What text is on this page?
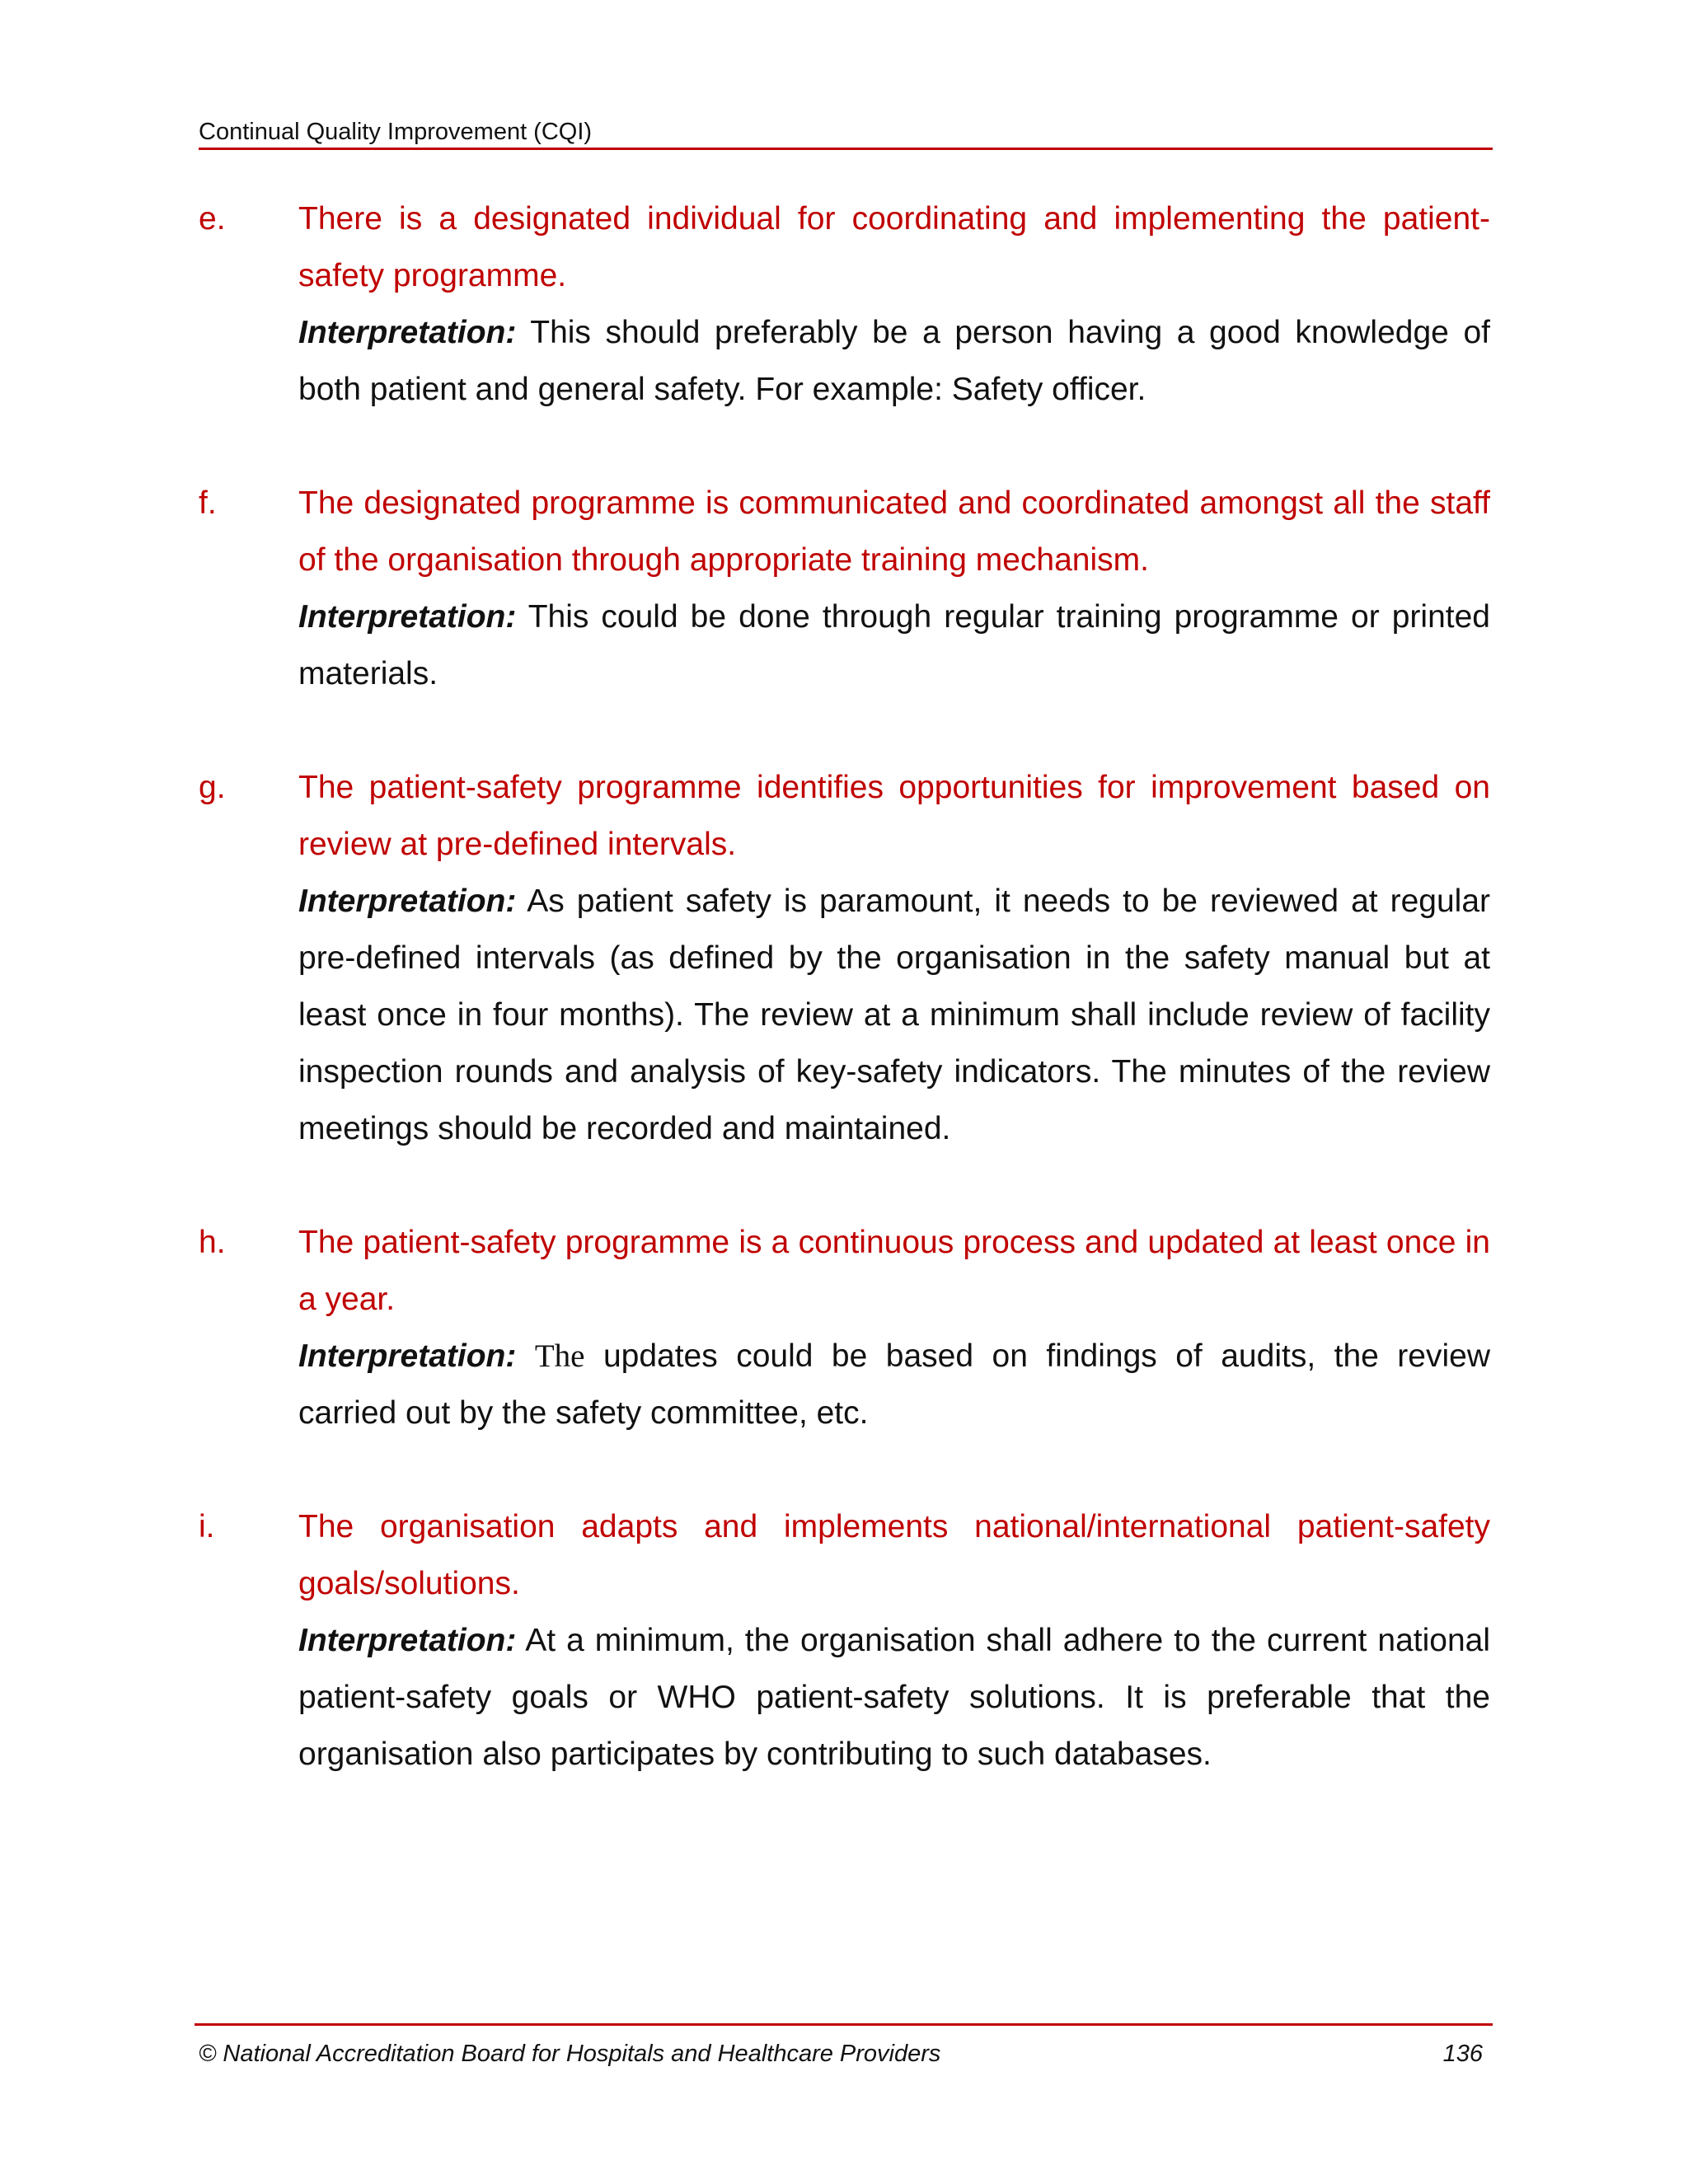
Continual Quality Improvement (CQI)
e. There is a designated individual for coordinating and implementing the patient-safety programme.

Interpretation: This should preferably be a person having a good knowledge of both patient and general safety. For example: Safety officer.

f.	The designated programme is communicated and coordinated amongst all the staff of the organisation through appropriate training mechanism.

Interpretation: This could be done through regular training programme or printed materials.

g. The patient-safety programme identifies opportunities for improvement based on review at pre-defined intervals.

Interpretation: As patient safety is paramount, it needs to be reviewed at regular pre-defined intervals (as defined by the organisation in the safety manual but at least once in four months). The review at a minimum shall include review of facility inspection rounds and analysis of key-safety indicators. The minutes of the review meetings should be recorded and maintained.

h. The patient-safety programme is a continuous process and updated at least once in a year.

Interpretation: The updates could be based on findings of audits, the review carried out by the safety committee, etc.

i.	The organisation adapts and implements national/international patient-safety goals/solutions.

Interpretation: At a minimum, the organisation shall adhere to the current national patient-safety goals or WHO patient-safety solutions. It is preferable that the organisation also participates by contributing to such databases.

© National Accreditation Board for Hospitals and Healthcare Providers	136
